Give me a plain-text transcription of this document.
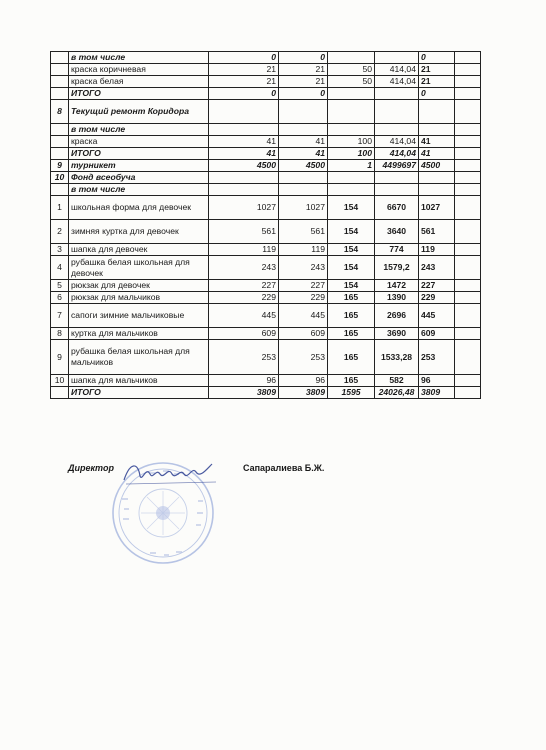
	в том числе	0	0			0	
	краска коричневая	21	21	50	414,04	21	
	краска белая	21	21	50	414,04	21	
	ИТОГО	0	0			0	
8	Текущий ремонт Коридора						
	в том числе						
	краска	41	41	100	414,04	41	
	ИТОГО	41	41	100	414,04	41	
9	турникет	4500	4500	1	4499697	4500	
10	Фонд всеобуча						
	в том числе						
1	школьная форма для девочек	1027	1027	154	6670	1027	
2	зимняя куртка для девочек	561	561	154	3640	561	
3	шапка для девочек	119	119	154	774	119	
4	рубашка белая школьная для девочек	243	243	154	1579,2	243	
5	рюкзак для девочек	227	227	154	1472	227	
6	рюкзак для мальчиков	229	229	165	1390	229	
7	сапоги зимние мальчиковые	445	445	165	2696	445	
8	куртка для мальчиков	609	609	165	3690	609	
9	рубашка белая школьная для мальчиков	253	253	165	1533,28	253	
10	шапка для мальчиков	96	96	165	582	96	
	ИТОГО	3809	3809	1595	24026,48	3809	
Директор	Сапаралиева Б.Ж.
